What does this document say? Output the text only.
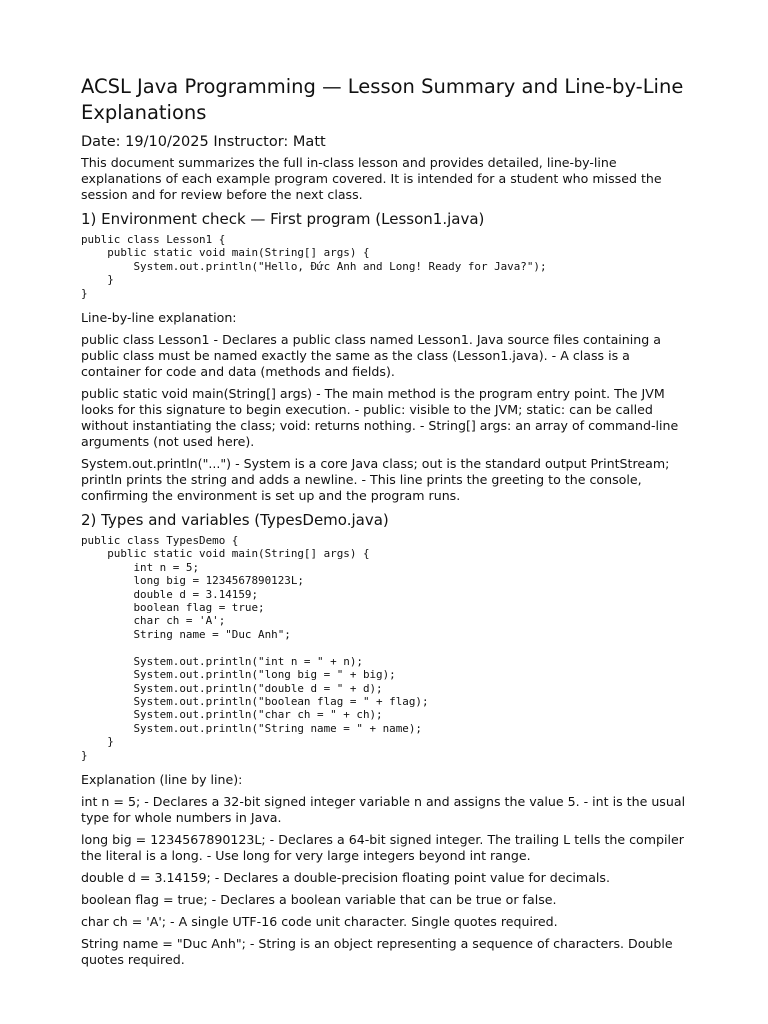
ACSL Java Programming — Lesson Summary and Line-by-Line Explanations
Date: 19/10/2025 Instructor: Matt

This document summarizes the full in-class lesson and provides detailed, line-by-line explanations of each example program covered. It is intended for a student who missed the session and for review before the next class.

1) Environment check — First program (Lesson1.java)
public class Lesson1 {
public static void main(String[] args) {
System.out.println("Hello, Đức Anh and Long! Ready for Java?");
}
}

Line-by-line explanation:

public class Lesson1 - Declares a public class named Lesson1. Java source files containing a public class must be named exactly the same as the class (Lesson1.java). - A class is a container for code and data (methods and fields).

public static void main(String[] args) - The main method is the program entry point. The JVM looks for this signature to begin execution. - public: visible to the JVM; static: can be called without instantiating the class; void: returns nothing. - String[] args: an array of command-line arguments (not used here).

System.out.println("...") - System is a core Java class; out is the standard output PrintStream; println prints the string and adds a newline. - This line prints the greeting to the console, confirming the environment is set up and the program runs.

2) Types and variables (TypesDemo.java)
public class TypesDemo {
public static void main(String[] args) {
int n = 5;
long big = 1234567890123L;
double d = 3.14159;
boolean flag = true;
char ch = 'A';
String name = "Duc Anh";

System.out.println("int n = " + n);
System.out.println("long big = " + big);
System.out.println("double d = " + d);
System.out.println("boolean flag = " + flag);
System.out.println("char ch = " + ch);
System.out.println("String name = " + name);
}
}

Explanation (line by line):

int n = 5; - Declares a 32-bit signed integer variable n and assigns the value 5. - int is the usual type for whole numbers in Java.

long big = 1234567890123L; - Declares a 64-bit signed integer. The trailing L tells the compiler the literal is a long. - Use long for very large integers beyond int range.

double d = 3.14159; - Declares a double-precision floating point value for decimals.

boolean flag = true; - Declares a boolean variable that can be true or false.

char ch = 'A'; - A single UTF-16 code unit character. Single quotes required.

String name = "Duc Anh"; - String is an object representing a sequence of characters. Double quotes required.
